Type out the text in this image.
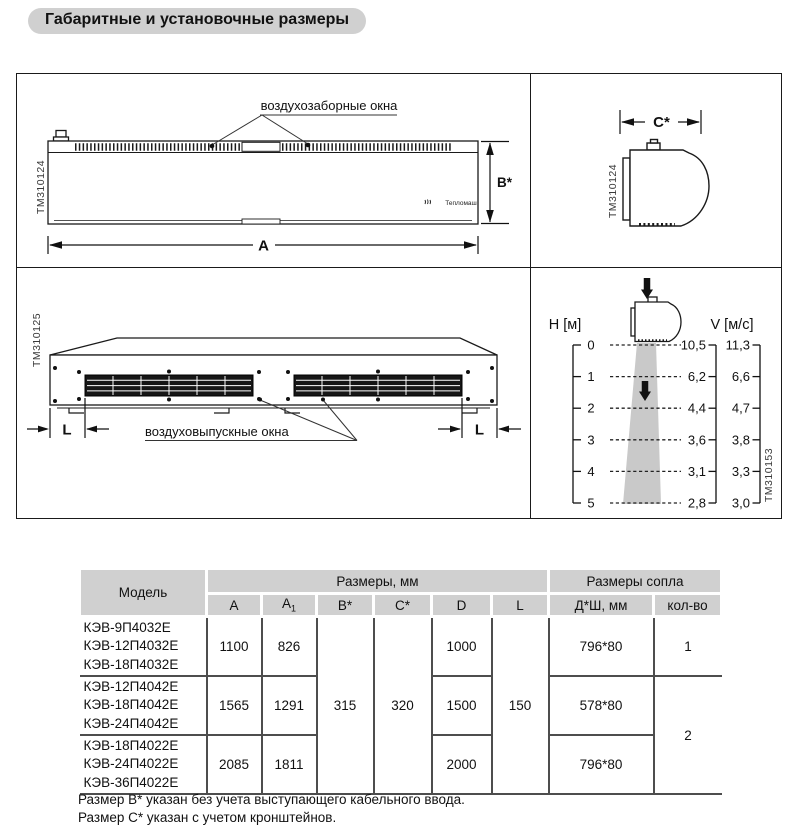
Габаритные и установочные размеры
Тепломаш
воздухозаборные окна
A
B*
ТМ310124
C*
ТМ310124
L	L
воздуховыпускные окна
ТМ310125	H [м]	V [м/с]
0
1
2
3
4
5
10,5
6,2
4,4
3,6
3,1
2,8
11,3
6,6
4,7
3,8
3,3
3,0
ТМ310153
Модель	Размеры, мм						Размеры сопла	
	A	$A_1$	B*	C*	D	L	Д*Ш, мм	кол-во

КЭВ-9П4032Е
КЭВ-12П4032Е
КЭВ-18П4032Е	1100	826	315	320	1000	150	796*80	1

КЭВ-12П4042Е
КЭВ-18П4042Е
КЭВ-24П4042Е	1565	1291			1500		578*80	2

КЭВ-18П4022Е
КЭВ-24П4022Е
КЭВ-36П4022Е	2085	1811			2000		796*80	
Размер B* указан без учета выступающего кабельного ввода.
Размер C* указан с учетом кронштейнов.
